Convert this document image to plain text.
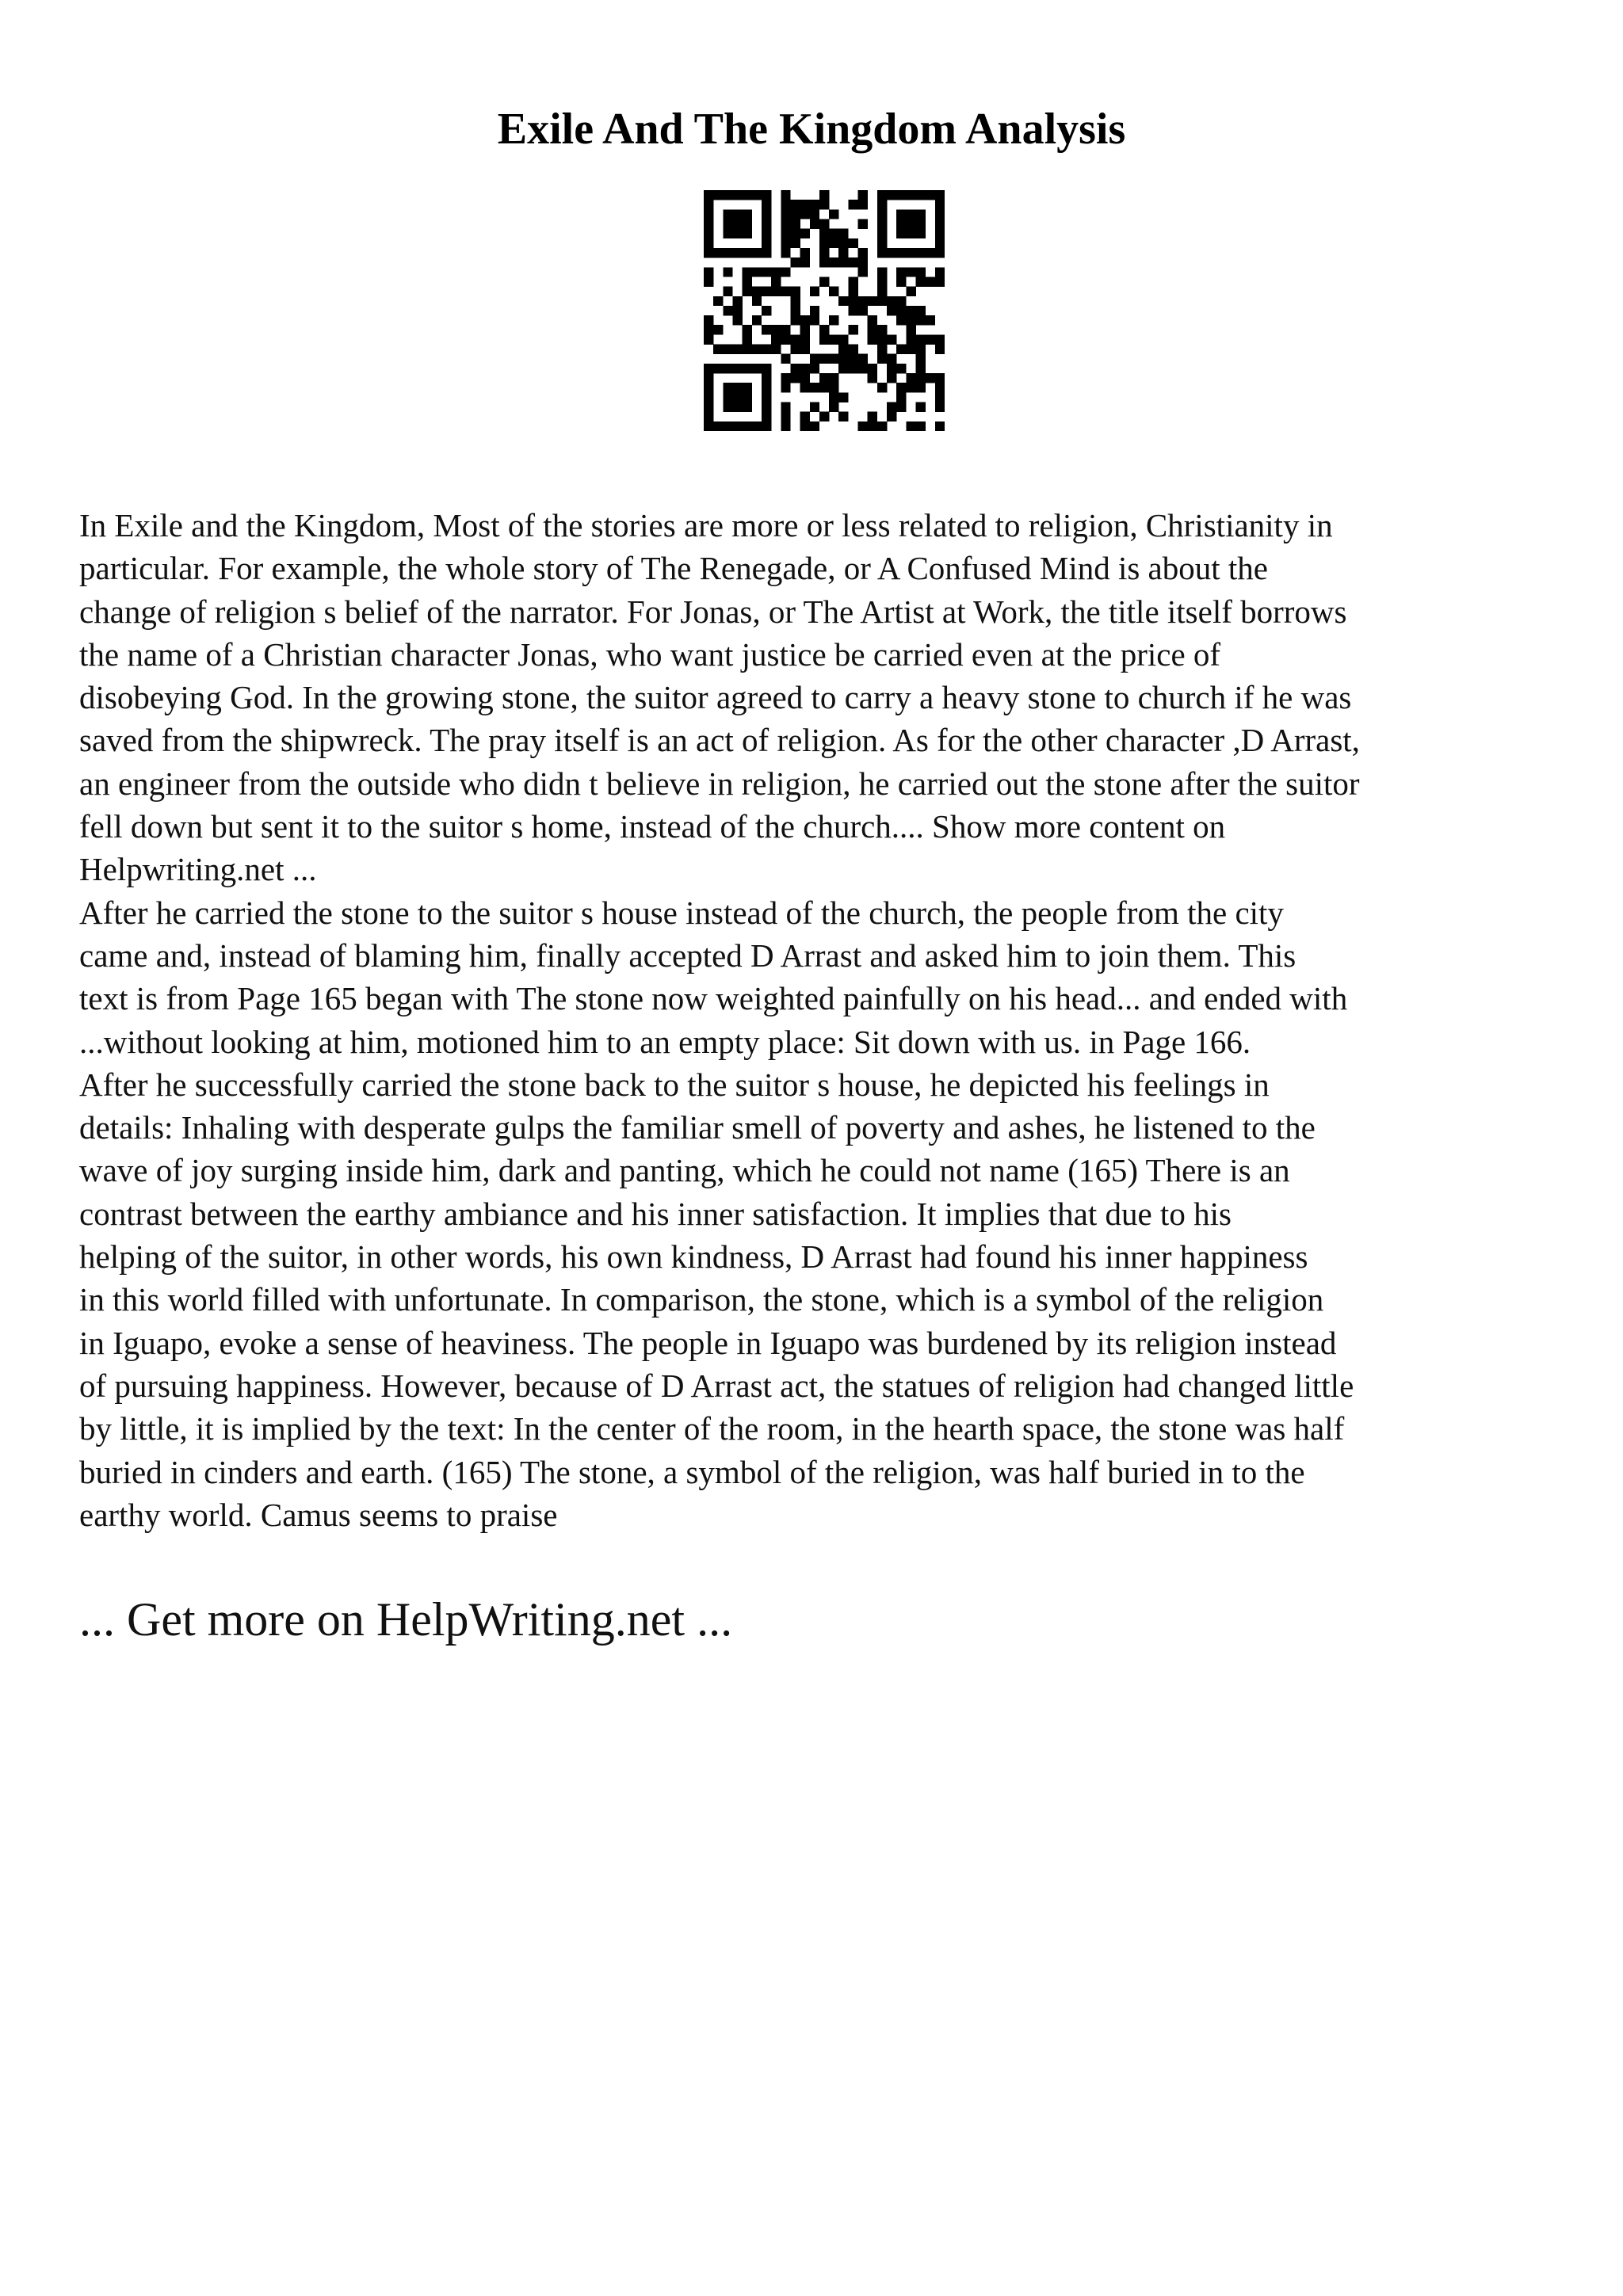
Exile And The Kingdom Analysis

In Exile and the Kingdom, Most of the stories are more or less related to religion, Christianity in
particular. For example, the whole story of The Renegade, or A Confused Mind is about the
change of religion s belief of the narrator. For Jonas, or The Artist at Work, the title itself borrows
the name of a Christian character Jonas, who want justice be carried even at the price of
disobeying God. In the growing stone, the suitor agreed to carry a heavy stone to church if he was
saved from the shipwreck. The pray itself is an act of religion. As for the other character ,D Arrast,
an engineer from the outside who didn t believe in religion, he carried out the stone after the suitor
fell down but sent it to the suitor s home, instead of the church.... Show more content on
Helpwriting.net ...

After he carried the stone to the suitor s house instead of the church, the people from the city
came and, instead of blaming him, finally accepted D Arrast and asked him to join them. This
text is from Page 165 began with The stone now weighted painfully on his head... and ended with
...without looking at him, motioned him to an empty place: Sit down with us. in Page 166.

After he successfully carried the stone back to the suitor s house, he depicted his feelings in
details: Inhaling with desperate gulps the familiar smell of poverty and ashes, he listened to the
wave of joy surging inside him, dark and panting, which he could not name (165) There is an
contrast between the earthy ambiance and his inner satisfaction. It implies that due to his
helping of the suitor, in other words, his own kindness, D Arrast had found his inner happiness
in this world filled with unfortunate. In comparison, the stone, which is a symbol of the religion
in Iguapo, evoke a sense of heaviness. The people in Iguapo was burdened by its religion instead
of pursuing happiness. However, because of D Arrast act, the statues of religion had changed little
by little, it is implied by the text: In the center of the room, in the hearth space, the stone was half
buried in cinders and earth. (165) The stone, a symbol of the religion, was half buried in to the
earthy world. Camus seems to praise

... Get more on HelpWriting.net ...
